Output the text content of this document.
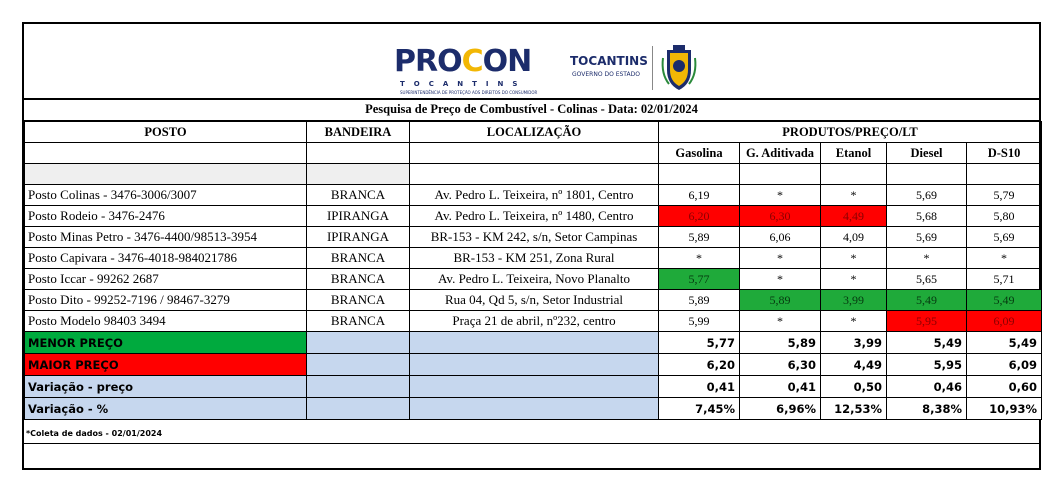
PROCON
TOCANTINS
SUPERINTENDÊNCIA DE PROTEÇÃO AOS DIREITOS DO CONSUMIDOR
TOCANTINS
GOVERNO DO ESTADO
Pesquisa de Preço de Combustível - Colinas - Data: 02/01/2024
POSTO	BANDEIRA	LOCALIZAÇÃO	PRODUTOS/PREÇO/LT				
			Gasolina	G. Aditivada	Etanol	Diesel	D-S10

Posto Colinas - 3476-3006/3007	BRANCA	Av. Pedro L. Teixeira, nº 1801, Centro	6,19	*	*	5,69	5,79
Posto Rodeio - 3476-2476	IPIRANGA	Av. Pedro L. Teixeira, nº 1480, Centro	6,20	6,30	4,49	5,68	5,80
Posto Minas Petro - 3476-4400/98513-3954	IPIRANGA	BR-153 - KM 242, s/n, Setor Campinas	5,89	6,06	4,09	5,69	5,69
Posto Capivara - 3476-4018-984021786	BRANCA	BR-153 - KM 251, Zona Rural	*	*	*	*	*
Posto Iccar - 99262 2687	BRANCA	Av. Pedro L. Teixeira, Novo Planalto	5,77	*	*	5,65	5,71
Posto Dito - 99252-7196 / 98467-3279	BRANCA	Rua 04, Qd 5, s/n, Setor Industrial	5,89	5,89	3,99	5,49	5,49
Posto Modelo 98403 3494	BRANCA	Praça 21 de abril, nº232, centro	5,99	*	*	5,95	6,09
MENOR PREÇO			5,77	5,89	3,99	5,49	5,49
MAIOR PREÇO			6,20	6,30	4,49	5,95	6,09
Variação - preço			0,41	0,41	0,50	0,46	0,60
Variação - %			7,45%	6,96%	12,53%	8,38%	10,93%
*Coleta de dados - 02/01/2024
